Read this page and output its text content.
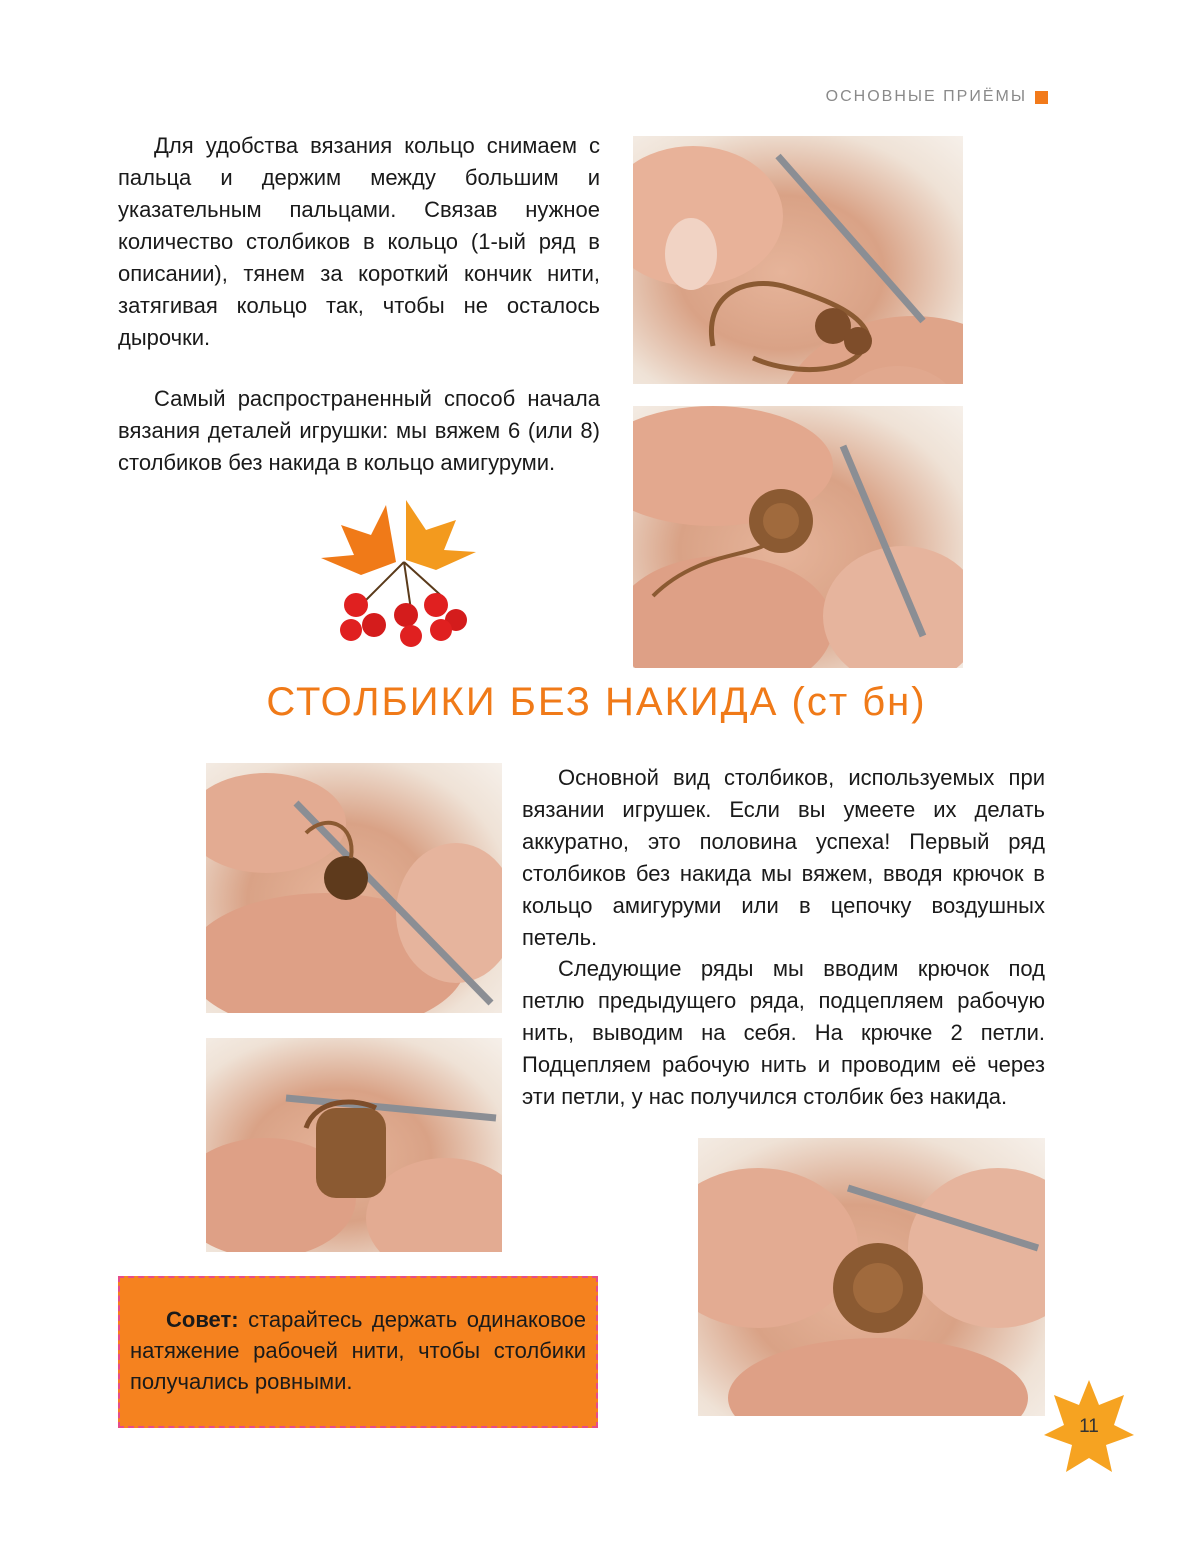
ОСНОВНЫЕ ПРИЁМЫ

Для удобства вязания кольцо снимаем с пальца и держим между большим и указательным пальцами. Связав нужное количество столбиков в кольцо (1-ый ряд в описании), тянем за короткий кончик нити, затягивая кольцо так, чтобы не осталось дырочки.

Самый распространенный способ начала вязания деталей игрушки: мы вяжем 6 (или 8) столбиков без накида в кольцо амигуруми.

СТОЛБИКИ БЕЗ НАКИДА (ст бн)

Основной вид столбиков, используемых при вязании игрушек. Если вы умеете их делать аккуратно, это половина успеха! Первый ряд столбиков без накида мы вяжем, вводя крючок в кольцо амигуруми или в цепочку воздушных петель.

Следующие ряды мы вводим крючок под петлю предыдущего ряда, подцепляем рабочую нить, выводим на себя. На крючке 2 петли. Подцепляем рабочую нить и проводим её через эти петли, у нас получился столбик без накида.

Совет: старайтесь держать одинаковое натяжение рабочей нити, чтобы столбики получались ровными.

11
